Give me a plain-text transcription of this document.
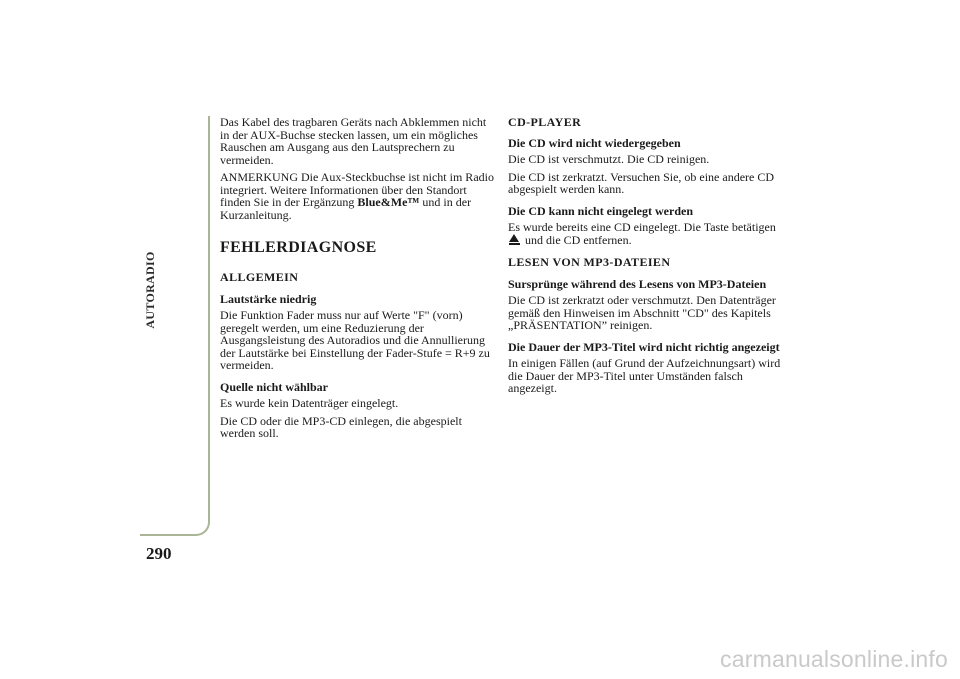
AUTORADIO
290

Das Kabel des tragbaren Geräts nach Abklemmen nicht in der AUX-Buchse stecken lassen, um ein mögliches Rauschen am Ausgang aus den Lautsprechern zu vermeiden.

ANMERKUNG Die Aux-Steckbuchse ist nicht im Radio integriert. Weitere Informationen über den Standort finden Sie in der Ergänzung Blue&Me™ und in der Kurzanleitung.

FEHLERDIAGNOSE
ALLGEMEIN
Lautstärke niedrig

Die Funktion Fader muss nur auf Werte "F" (vorn) geregelt werden, um eine Reduzierung der Ausgangsleistung des Autoradios und die Annullierung der Lautstärke bei Einstellung der Fader-Stufe = R+9 zu vermeiden.

Quelle nicht wählbar

Es wurde kein Datenträger eingelegt.

Die CD oder die MP3-CD einlegen, die abgespielt werden soll.

CD-PLAYER
Die CD wird nicht wiedergegeben

Die CD ist verschmutzt. Die CD reinigen.

Die CD ist zerkratzt. Versuchen Sie, ob eine andere CD abgespielt werden kann.

Die CD kann nicht eingelegt werden

Es wurde bereits eine CD eingelegt. Die Taste betätigen
und die CD entfernen.

LESEN VON MP3-DATEIEN
Sursprünge während des Lesens von MP3-Dateien

Die CD ist zerkratzt oder verschmutzt. Den Datenträger gemäß den Hinweisen im Abschnitt "CD" des Kapitels „PRÄSENTATION” reinigen.

Die Dauer der MP3-Titel wird nicht richtig angezeigt

In einigen Fällen (auf Grund der Aufzeichnungsart) wird die Dauer der MP3-Titel unter Umständen falsch angezeigt.

carmanualsonline.info
